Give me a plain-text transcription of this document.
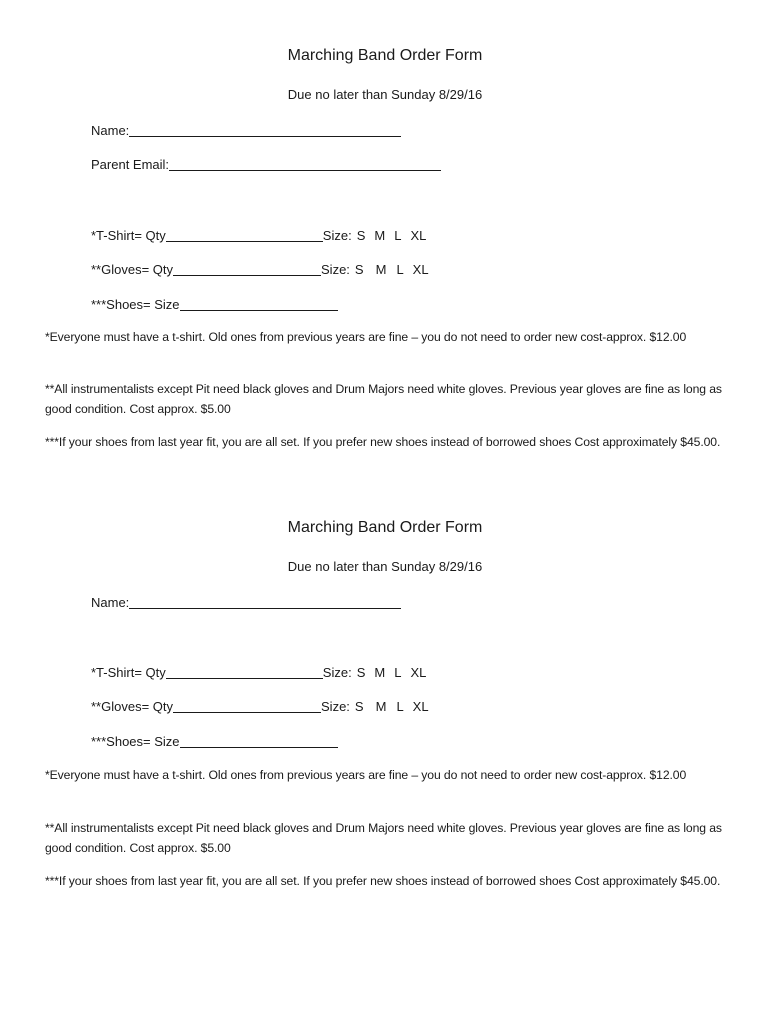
Marching Band Order Form
Due no later than Sunday 8/29/16
Name:
Parent Email:
*T-Shirt= Qty	Size: S M L XL
**Gloves= Qty	Size: S M L XL
***Shoes= Size
*Everyone must have a t-shirt. Old ones from previous years are fine – you do not need to order new cost-approx. $12.00
**All instrumentalists except Pit need black gloves and Drum Majors need white gloves. Previous year gloves are fine as long as good condition. Cost approx. $5.00
***If your shoes from last year fit, you are all set. If you prefer new shoes instead of borrowed shoes Cost approximately $45.00.
Marching Band Order Form
Due no later than Sunday 8/29/16
Name:
*T-Shirt= Qty	Size: S M L XL
**Gloves= Qty	Size: S M L XL
***Shoes= Size
*Everyone must have a t-shirt. Old ones from previous years are fine – you do not need to order new cost-approx. $12.00
**All instrumentalists except Pit need black gloves and Drum Majors need white gloves. Previous year gloves are fine as long as good condition. Cost approx. $5.00
***If your shoes from last year fit, you are all set. If you prefer new shoes instead of borrowed shoes Cost approximately $45.00.
